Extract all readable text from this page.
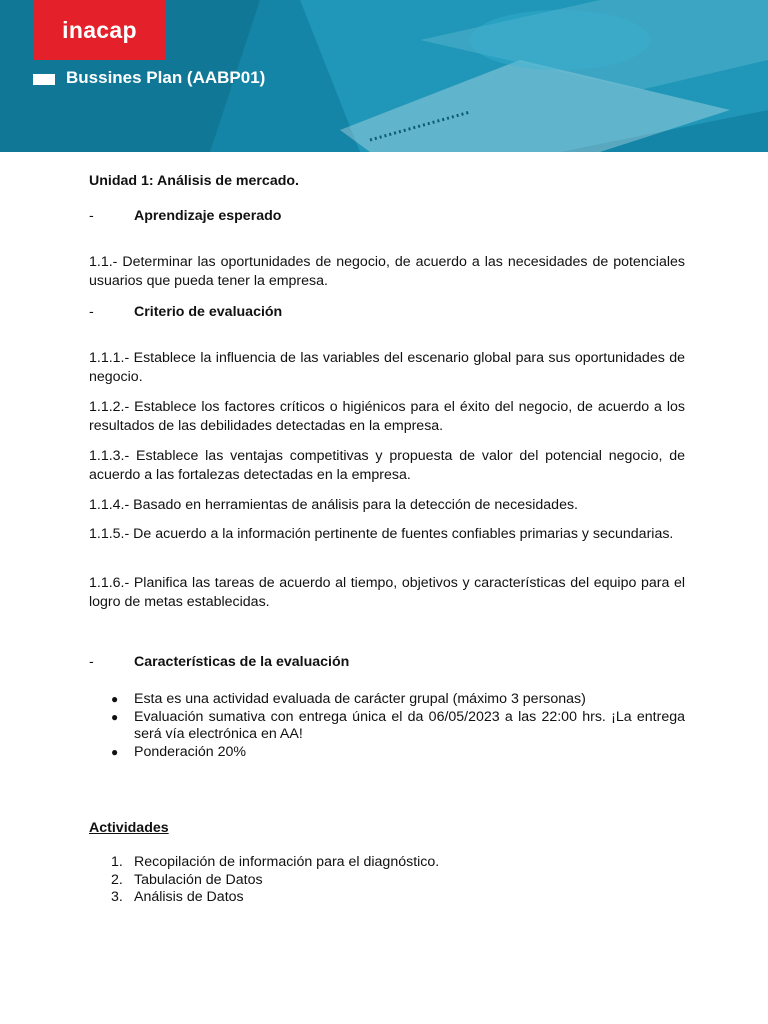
inacap
Bussines Plan (AABP01)
Unidad 1: Análisis de mercado.
-	Aprendizaje esperado
1.1.- Determinar las oportunidades de negocio, de acuerdo a las necesidades de potenciales usuarios que pueda tener la empresa.
-	Criterio de evaluación
1.1.1.- Establece la influencia de las variables del escenario global para sus oportunidades de negocio.
1.1.2.- Establece los factores críticos o higiénicos para el éxito del negocio, de acuerdo a los resultados de las debilidades detectadas en la empresa.
1.1.3.- Establece las ventajas competitivas y propuesta de valor del potencial negocio, de acuerdo a las fortalezas detectadas en la empresa.
1.1.4.- Basado en herramientas de análisis para la detección de necesidades.
1.1.5.- De acuerdo a la información pertinente de fuentes confiables primarias y secundarias.
1.1.6.- Planifica las tareas de acuerdo al tiempo, objetivos y características del equipo para el logro de metas establecidas.
-	Características de la evaluación
● Esta es una actividad evaluada de carácter grupal (máximo 3 personas)
● Evaluación sumativa con entrega única el da 06/05/2023 a las 22:00 hrs. ¡La entrega será vía electrónica en AA!
● Ponderación 20%
Actividades
1. Recopilación de información para el diagnóstico.
2. Tabulación de Datos
3. Análisis de Datos
